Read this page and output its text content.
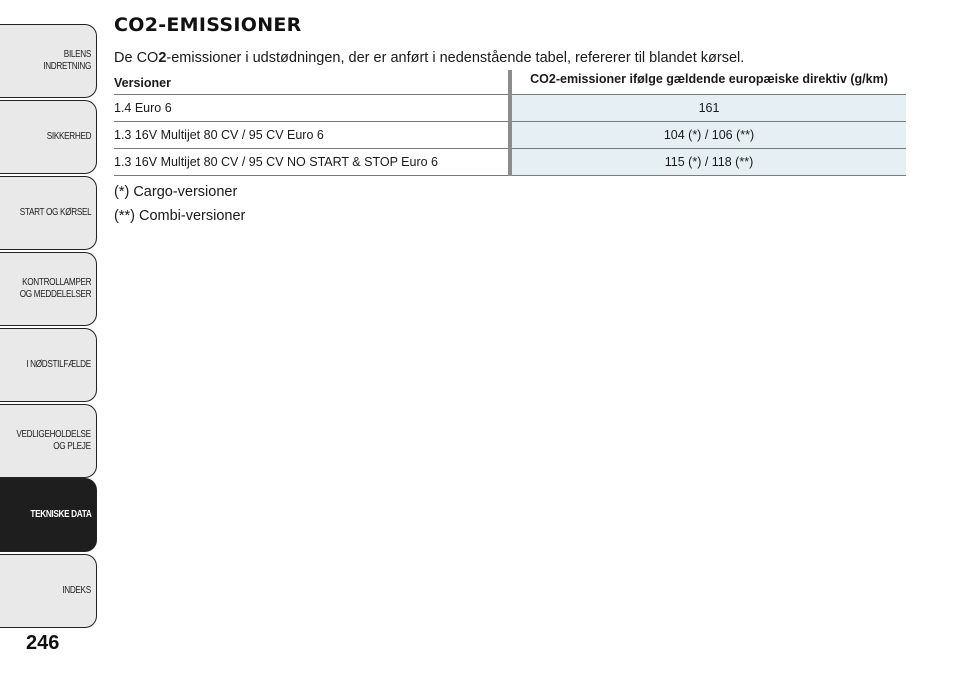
BILENS INDRETNING
SIKKERHED
START OG KØRSEL
KONTROLLAMPER
OG MEDDELELSER
I NØDSTILFÆLDE
VEDLIGEHOLDELSE
OG PLEJE
TEKNISKE DATA
INDEKS
246
CO2-EMISSIONER
De CO2-emissioner i udstødningen, der er anført i nedenstående tabel, refererer til blandet kørsel.
Versioner	CO2-emissioner ifølge gældende europæiske direktiv (g/km)
1.4 Euro 6	161
1.3 16V Multijet 80 CV / 95 CV Euro 6	104 (*) / 106 (**)
1.3 16V Multijet 80 CV / 95 CV NO START & STOP Euro 6	115 (*) / 118 (**)
(*) Cargo-versioner
(**) Combi-versioner
